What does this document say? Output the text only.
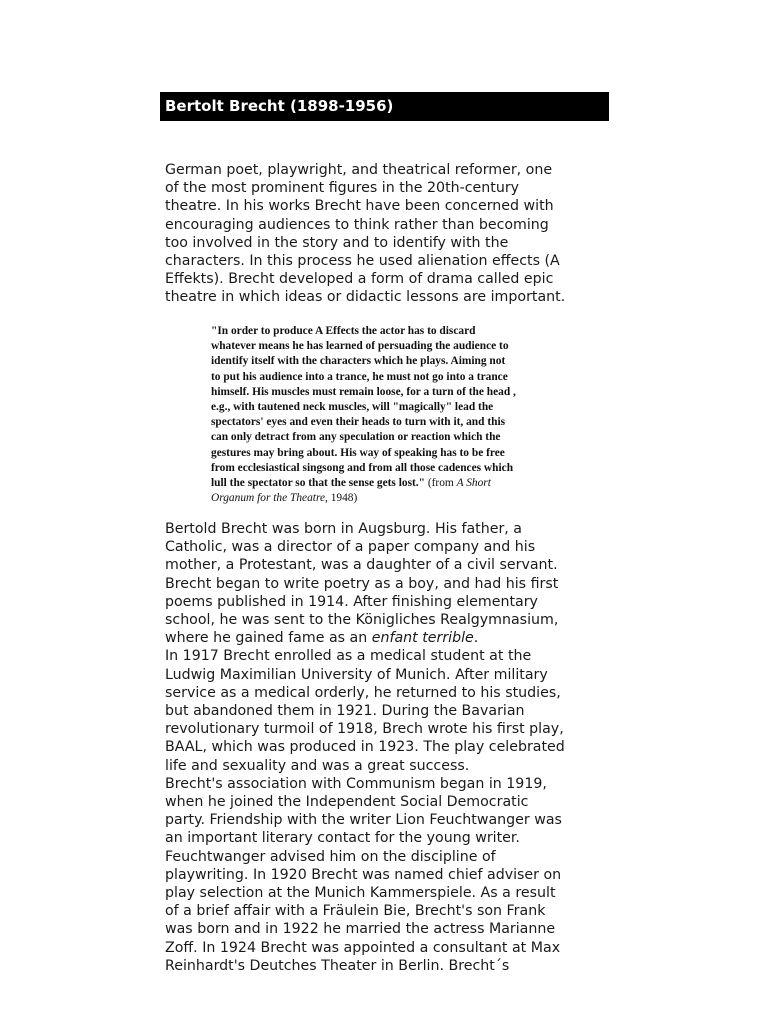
Bertolt Brecht (1898-1956)
German poet, playwright, and theatrical reformer, one
of the most prominent figures in the 20th-century
theatre. In his works Brecht have been concerned with
encouraging audiences to think rather than becoming
too involved in the story and to identify with the
characters. In this process he used alienation effects (A
Effekts). Brecht developed a form of drama called epic
theatre in which ideas or didactic lessons are important.
"In order to produce A Effects the actor has to discard
whatever means he has learned of persuading the audience to
identify itself with the characters which he plays. Aiming not
to put his audience into a trance, he must not go into a trance
himself. His muscles must remain loose, for a turn of the head ,
e.g., with tautened neck muscles, will "magically" lead the
spectators' eyes and even their heads to turn with it, and this
can only detract from any speculation or reaction which the
gestures may bring about. His way of speaking has to be free
from ecclesiastical singsong and from all those cadences which
lull the spectator so that the sense gets lost." (from A Short
Organum for the Theatre, 1948)
Bertold Brecht was born in Augsburg. His father, a
Catholic, was a director of a paper company and his
mother, a Protestant, was a daughter of a civil servant.
Brecht began to write poetry as a boy, and had his first
poems published in 1914. After finishing elementary
school, he was sent to the Königliches Realgymnasium,
where he gained fame as an enfant terrible.
In 1917 Brecht enrolled as a medical student at the
Ludwig Maximilian University of Munich. After military
service as a medical orderly, he returned to his studies,
but abandoned them in 1921. During the Bavarian
revolutionary turmoil of 1918, Brech wrote his first play,
BAAL, which was produced in 1923. The play celebrated
life and sexuality and was a great success.
Brecht's association with Communism began in 1919,
when he joined the Independent Social Democratic
party. Friendship with the writer Lion Feuchtwanger was
an important literary contact for the young writer.
Feuchtwanger advised him on the discipline of
playwriting. In 1920 Brecht was named chief adviser on
play selection at the Munich Kammerspiele. As a result
of a brief affair with a Fräulein Bie, Brecht's son Frank
was born and in 1922 he married the actress Marianne
Zoff. In 1924 Brecht was appointed a consultant at Max
Reinhardt's Deutches Theater in Berlin. Brecht´s
